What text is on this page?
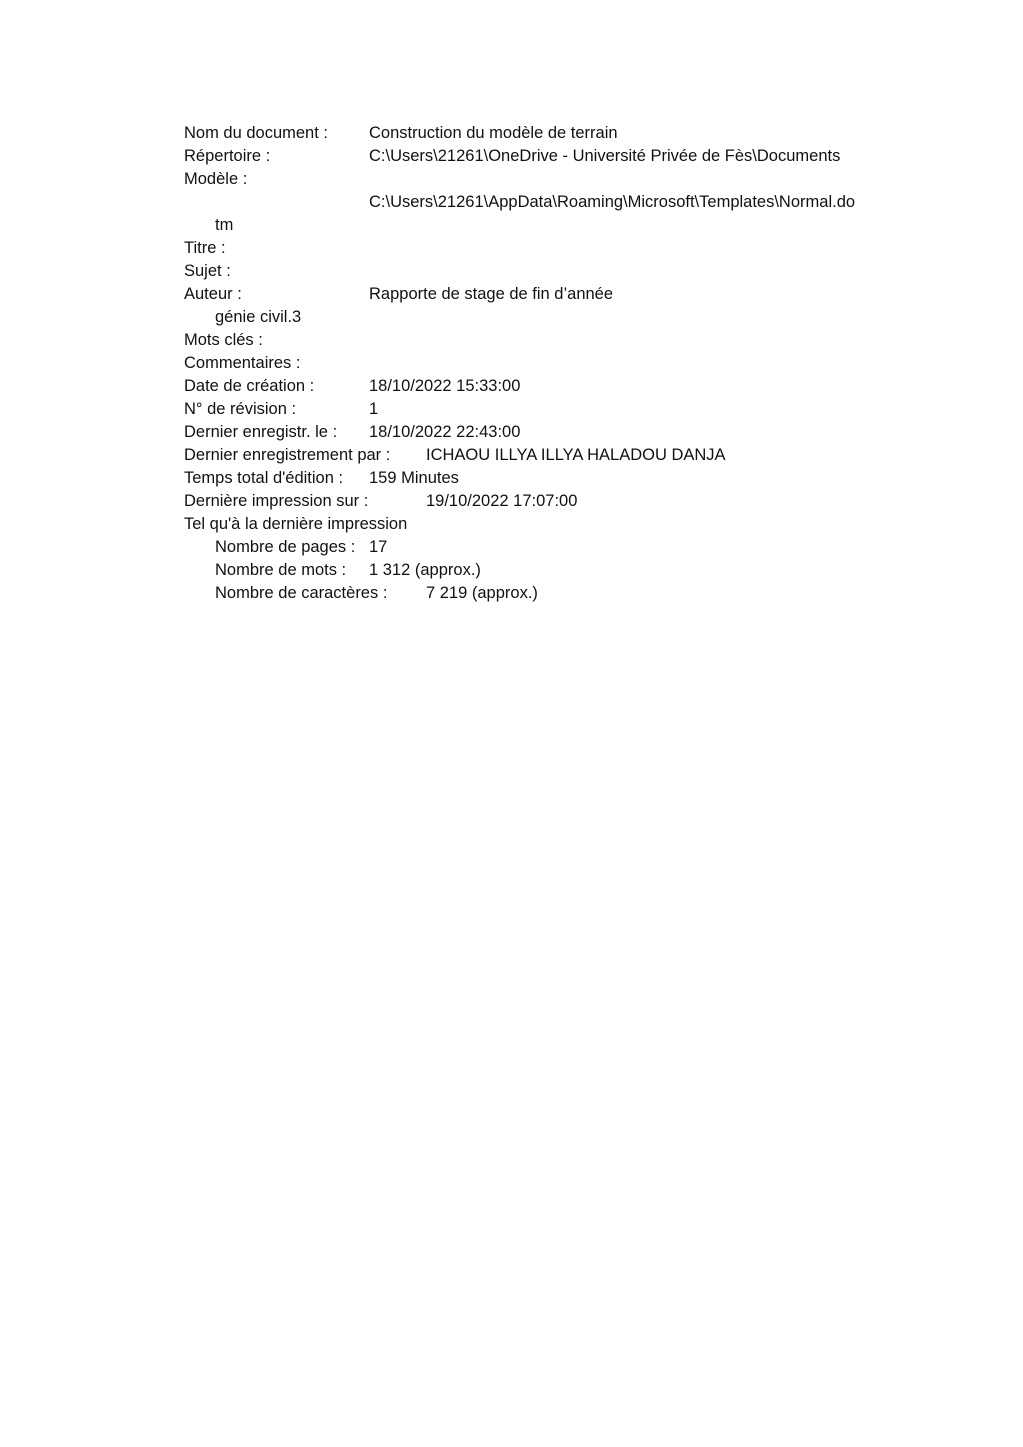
Nom du document : Construction du modèle de terrain
Répertoire :	C:\Users\21261\OneDrive - Université Privée de Fès\Documents
Modèle :
C:\Users\21261\AppData\Roaming\Microsoft\Templates\Normal.do
tm
Titre :
Sujet :
Auteur :	Rapporte de stage de fin d’année
génie civil.3
Mots clés :
Commentaires :
Date de création :	18/10/2022 15:33:00
N° de révision :	1
Dernier enregistr. le : 18/10/2022 22:43:00
Dernier enregistrement par : ICHAOU ILLYA ILLYA HALADOU DANJA
Temps total d'édition : 159 Minutes
Dernière impression sur :	19/10/2022 17:07:00
Tel qu'à la dernière impression
Nombre de pages : 17
Nombre de mots : 1 312 (approx.)
Nombre de caractères : 7 219 (approx.)
